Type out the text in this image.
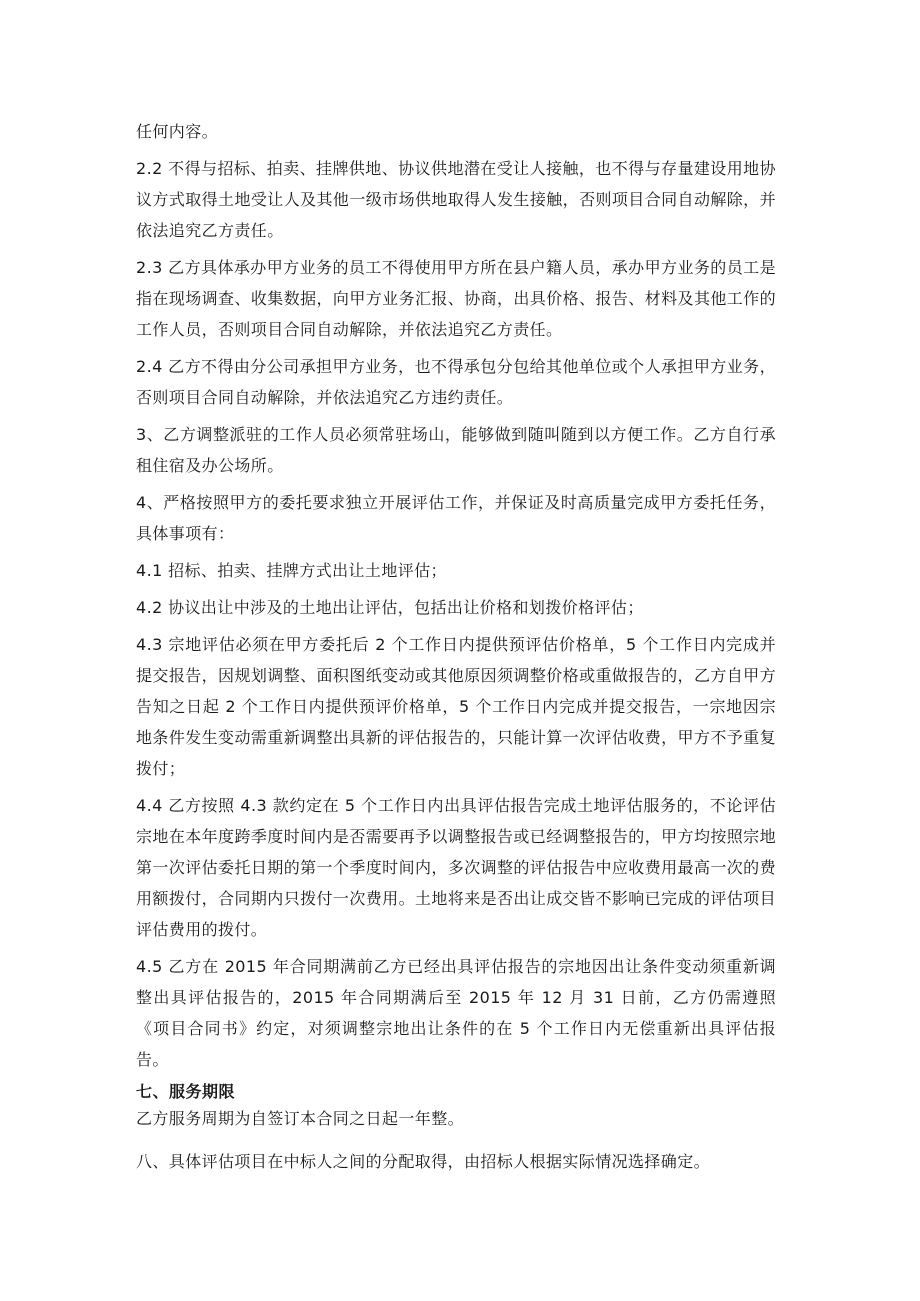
任何内容。

2.2 不得与招标、拍卖、挂牌供地、协议供地潜在受让人接触，也不得与存量建设用地协议方式取得土地受让人及其他一级市场供地取得人发生接触，否则项目合同自动解除，并依法追究乙方责任。

2.3 乙方具体承办甲方业务的员工不得使用甲方所在县户籍人员，承办甲方业务的员工是指在现场调查、收集数据，向甲方业务汇报、协商，出具价格、报告、材料及其他工作的工作人员，否则项目合同自动解除，并依法追究乙方责任。

2.4 乙方不得由分公司承担甲方业务，也不得承包分包给其他单位或个人承担甲方业务，否则项目合同自动解除，并依法追究乙方违约责任。

3、乙方调整派驻的工作人员必须常驻场山，能够做到随叫随到以方便工作。乙方自行承租住宿及办公场所。

4、严格按照甲方的委托要求独立开展评估工作，并保证及时高质量完成甲方委托任务，具体事项有：

4.1 招标、拍卖、挂牌方式出让土地评估；

4.2 协议出让中涉及的土地出让评估，包括出让价格和划拨价格评估；

4.3 宗地评估必须在甲方委托后 2 个工作日内提供预评估价格单，5 个工作日内完成并提交报告，因规划调整、面积图纸变动或其他原因须调整价格或重做报告的，乙方自甲方告知之日起 2 个工作日内提供预评价格单，5 个工作日内完成并提交报告，一宗地因宗地条件发生变动需重新调整出具新的评估报告的，只能计算一次评估收费，甲方不予重复拨付；

4.4 乙方按照 4.3 款约定在 5 个工作日内出具评估报告完成土地评估服务的，不论评估宗地在本年度跨季度时间内是否需要再予以调整报告或已经调整报告的，甲方均按照宗地第一次评估委托日期的第一个季度时间内，多次调整的评估报告中应收费用最高一次的费用额拨付，合同期内只拨付一次费用。土地将来是否出让成交皆不影响已完成的评估项目评估费用的拨付。

4.5 乙方在 2015 年合同期满前乙方已经出具评估报告的宗地因出让条件变动须重新调整出具评估报告的，2015 年合同期满后至 2015 年 12 月 31 日前，乙方仍需遵照《项目合同书》约定，对须调整宗地出让条件的在 5 个工作日内无偿重新出具评估报告。

七、服务期限

乙方服务周期为自签订本合同之日起一年整。

八、具体评估项目在中标人之间的分配取得，由招标人根据实际情况选择确定。
